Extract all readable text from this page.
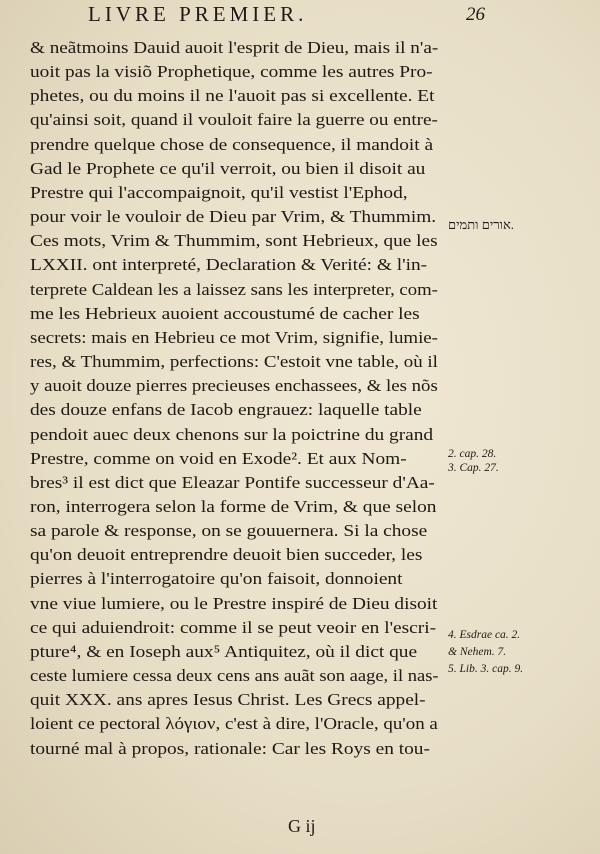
LIVRE PREMIER.	26
& neãtmoins Dauid auoit l'esprit de Dieu, mais il n'a-
uoit pas la visiõ Prophetique, comme les autres Pro-
phetes, ou du moins il ne l'auoit pas si excellente. Et
qu'ainsi soit, quand il vouloit faire la guerre ou entre-
prendre quelque chose de consequence, il mandoit à
Gad le Prophete ce qu'il verroit, ou bien il disoit au
Prestre qui l'accompaignoit, qu'il vestist l'Ephod,
pour voir le vouloir de Dieu par Vrim, & Thummim.
Ces mots, Vrim & Thummim, sont Hebrieux, que les
LXXII. ont interpreté, Declaration & Verité: & l'in-
terprete Caldean les a laissez sans les interpreter, com-
me les Hebrieux auoient accoustumé de cacher les
secrets: mais en Hebrieu ce mot Vrim, signifie, lumie-
res, & Thummim, perfections: C'estoit vne table, où il
y auoit douze pierres precieuses enchassees, & les nõs
des douze enfans de Iacob engrauez: laquelle table
pendoit auec deux chenons sur la poictrine du grand
Prestre, comme on void en Exode². Et aux Nom-
bres³ il est dict que Eleazar Pontife successeur d'Aa-
ron, interrogera selon la forme de Vrim, & que selon
sa parole & response, on se gouuernera. Si la chose
qu'on deuoit entreprendre deuoit bien succeder, les
pierres à l'interrogatoire qu'on faisoit, donnoient
vne viue lumiere, ou le Prestre inspiré de Dieu disoit
ce qui aduiendroit: comme il se peut veoir en l'escri-
pture⁴, & en Ioseph aux⁵ Antiquitez, où il dict que
ceste lumiere cessa deux cens ans auãt son aage, il nas-
quit XXX. ans apres Iesus Christ. Les Grecs appel-
loient ce pectoral λόγιον, c'est à dire, l'Oracle, qu'on a
tourné mal à propos, rationale: Car les Roys en tou-
אורים ותמים.
2. cap. 28.
3. Cap. 27.
4. Esdrae ca. 2.
& Nehem. 7.
5. Lib. 3. cap. 9.
G ij
